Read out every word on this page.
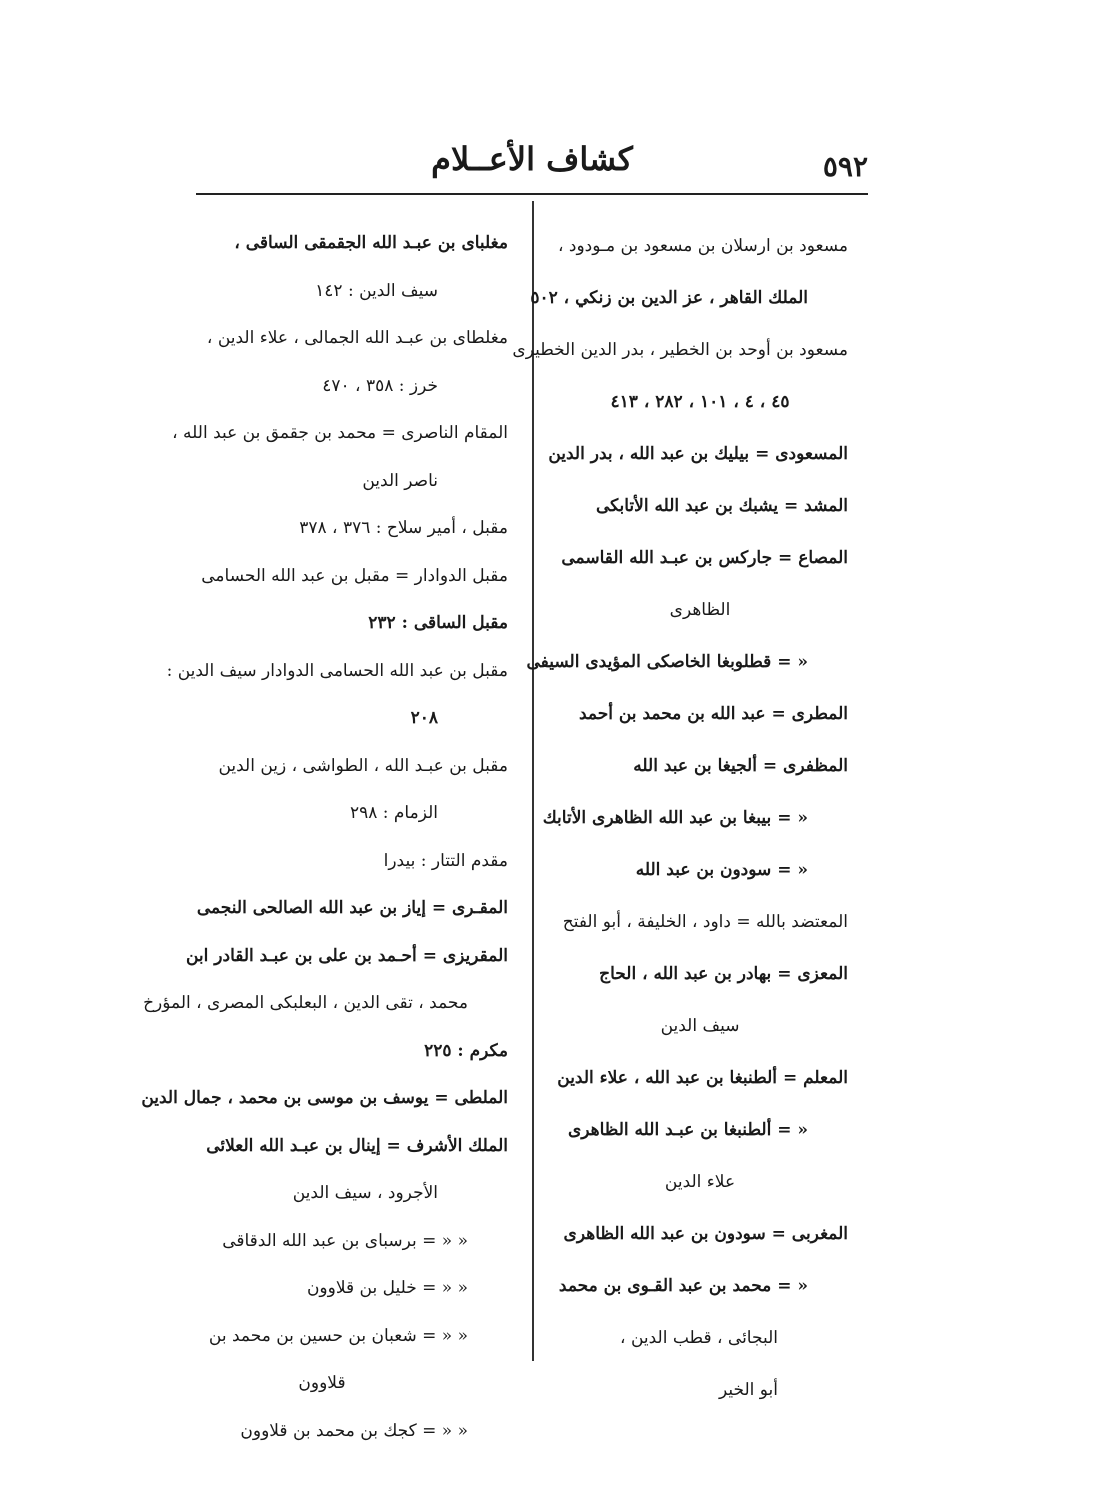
٥٩٢
كشاف الأعــلام
مسعود بن ارسلان بن مسعود بن مـودود ،
الملك القاهر ، عز الدين بن زنكي ، ٥٠٢
مسعود بن أوحد بن الخطير ، بدر الدين الخطيرى
٤٥ ، ٤ ، ١٠١ ، ٢٨٢ ، ٤١٣
المسعودى = بيليك بن عبد الله ، بدر الدين
المشد = يشبك بن عبد الله الأتابكى
المصاع = جاركس بن عبـد الله القاسمى
الظاهرى
« = قطلوبغا الخاصكى المؤيدى السيفى
المطرى = عبد الله بن محمد بن أحمد
المظفرى = ألجيغا بن عبد الله
« = بيبغا بن عبد الله الظاهرى الأتابك
« = سودون بن عبد الله
المعتضد بالله = داود ، الخليفة ، أبو الفتح
المعزى = بهادر بن عبد الله ، الحاج
سيف الدين
المعلم = ألطنبغا بن عبد الله ، علاء الدين
« = ألطنبغا بن عبـد الله الظاهرى
علاء الدين
المغربى = سودون بن عبد الله الظاهرى
« = محمد بن عبد القـوى بن محمد
البجائى ، قطب الدين ،
أبو الخير
مغلباى بن عبـد الله الجقمقى الساقى ،
سيف الدين : ١٤٢
مغلطاى بن عبـد الله الجمالى ، علاء الدين ،
خرز : ٣٥٨ ، ٤٧٠
المقام الناصرى = محمد بن جقمق بن عبد الله ،
ناصر الدين
مقبل ، أمير سلاح : ٣٧٦ ، ٣٧٨
مقبل الدوادار = مقبل بن عبد الله الحسامى
مقبل الساقى : ٢٣٢
مقبل بن عبد الله الحسامى الدوادار سيف الدين :
٢٠٨
مقبل بن عبـد الله ، الطواشى ، زين الدين
الزمام : ٢٩٨
مقدم التتار : بيدرا
المقـرى = إياز بن عبد الله الصالحى النجمى
المقريزى = أحـمد بن على بن عبـد القادر ابن
محمد ، تقى الدين ، البعلبكى المصرى ، المؤرخ
مكرم : ٢٢٥
الملطى = يوسف بن موسى بن محمد ، جمال الدين
الملك الأشرف = إينال بن عبـد الله العلائى
الأجرود ، سيف الدين
« « = برسباى بن عبد الله الدقاقى
« « = خليل بن قلاوون
« « = شعبان بن حسين بن محمد بن
قلاوون
« « = كجك بن محمد بن قلاوون
